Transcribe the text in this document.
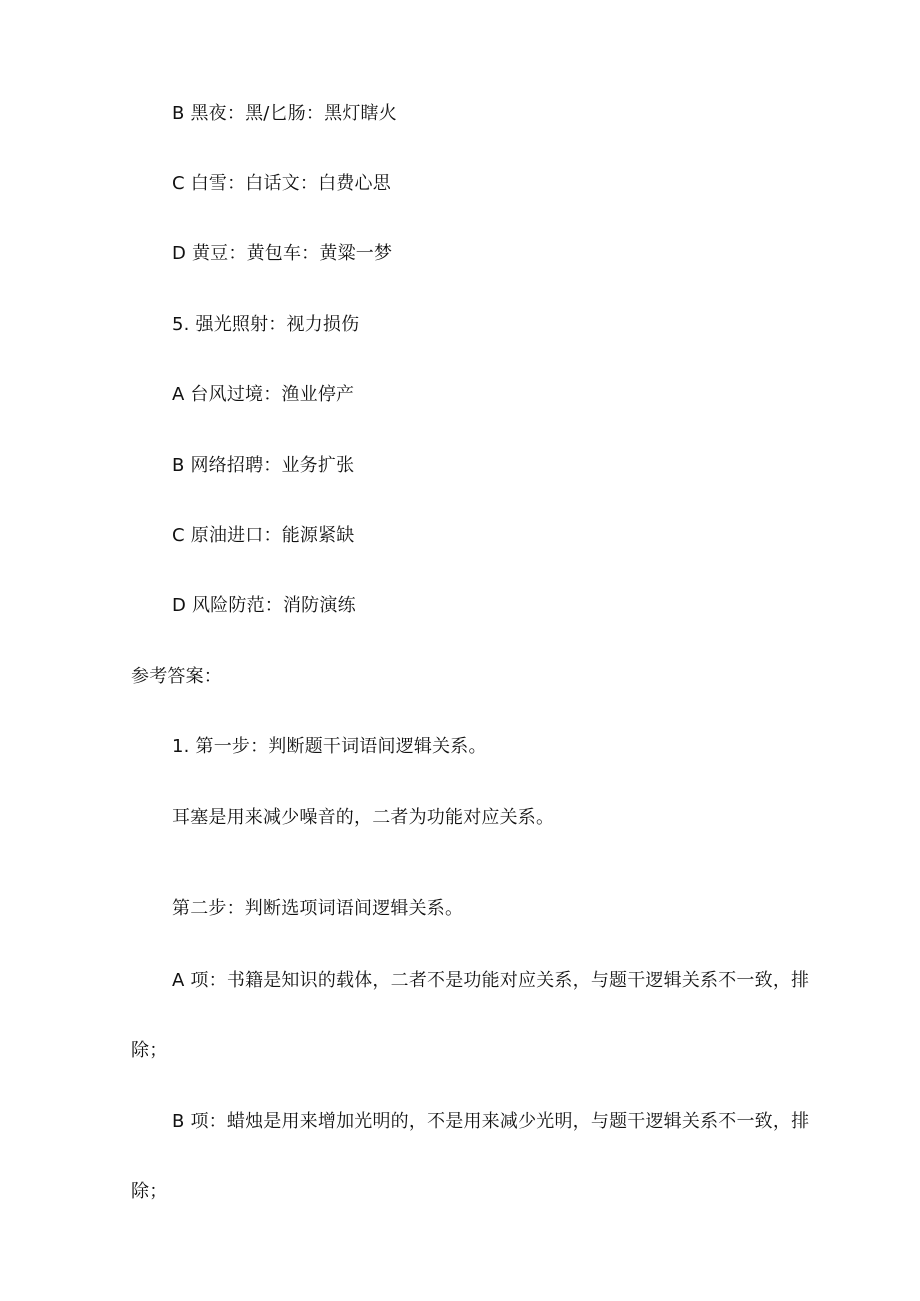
B 黑夜：黑/匕肠：黑灯瞎火

C 白雪：白话文：白费心思

D 黄豆：黄包车：黄粱一梦

5. 强光照射：视力损伤

A 台风过境：渔业停产

B 网络招聘：业务扩张

C 原油进口：能源紧缺

D 风险防范：消防演练

参考答案：

1. 第一步：判断题干词语间逻辑关系。

耳塞是用来减少噪音的，二者为功能对应关系。

第二步：判断选项词语间逻辑关系。

A 项：书籍是知识的载体，二者不是功能对应关系，与题干逻辑关系不一致，排除；

B 项：蜡烛是用来增加光明的，不是用来减少光明，与题干逻辑关系不一致，排除；
